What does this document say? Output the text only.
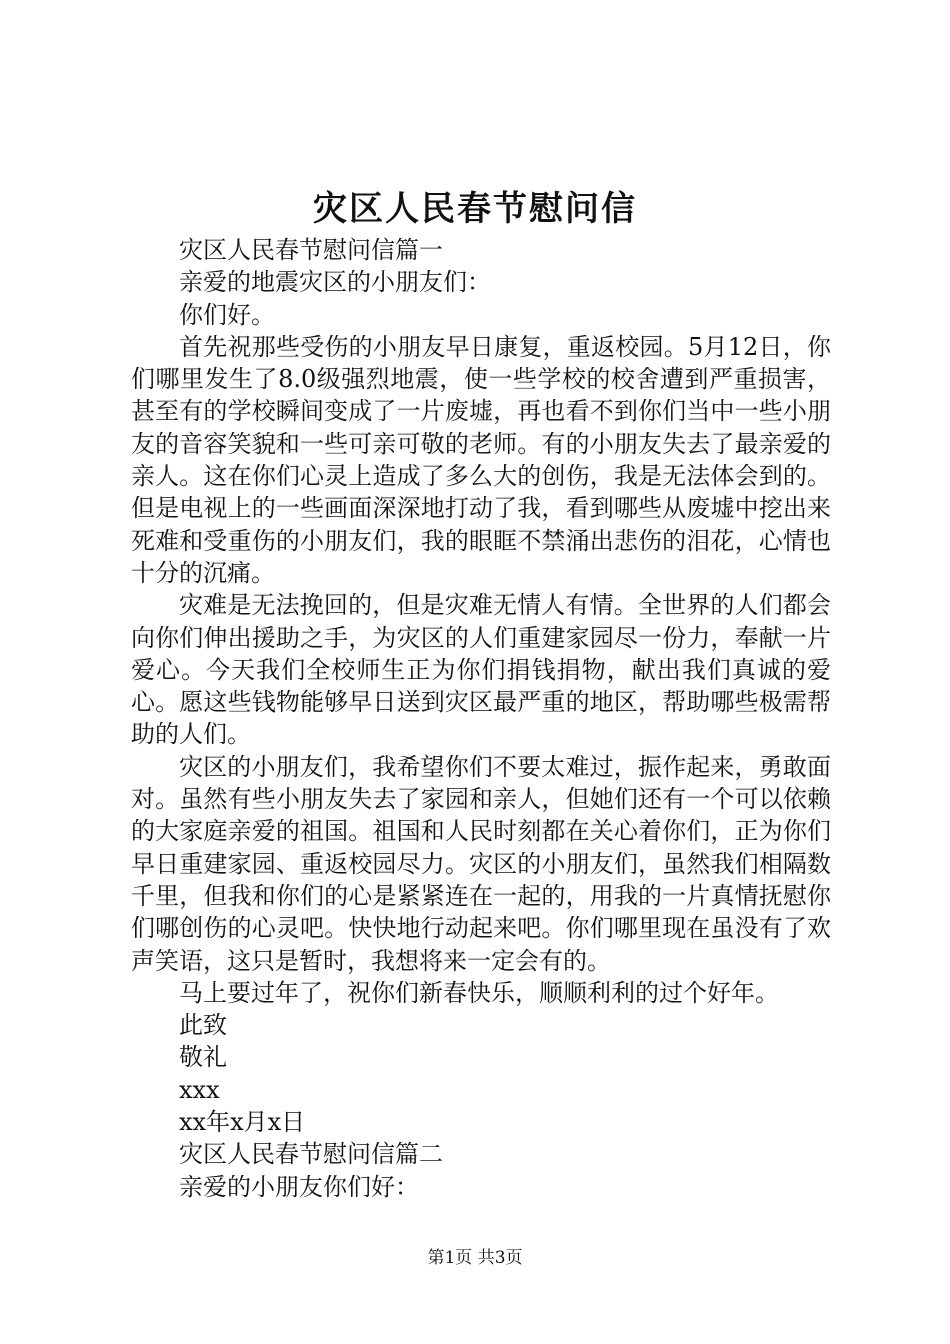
灾区人民春节慰问信

灾区人民春节慰问信篇一

亲爱的地震灾区的小朋友们：

你们好。

首先祝那些受伤的小朋友早日康复，重返校园。5月12日，你们哪里发生了8.0级强烈地震，使一些学校的校舍遭到严重损害，甚至有的学校瞬间变成了一片废墟，再也看不到你们当中一些小朋友的音容笑貌和一些可亲可敬的老师。有的小朋友失去了最亲爱的亲人。这在你们心灵上造成了多么大的创伤，我是无法体会到的。但是电视上的一些画面深深地打动了我，看到哪些从废墟中挖出来死难和受重伤的小朋友们，我的眼眶不禁涌出悲伤的泪花，心情也十分的沉痛。

灾难是无法挽回的，但是灾难无情人有情。全世界的人们都会向你们伸出援助之手，为灾区的人们重建家园尽一份力，奉献一片爱心。今天我们全校师生正为你们捐钱捐物，献出我们真诚的爱心。愿这些钱物能够早日送到灾区最严重的地区，帮助哪些极需帮助的人们。

灾区的小朋友们，我希望你们不要太难过，振作起来，勇敢面对。虽然有些小朋友失去了家园和亲人，但她们还有一个可以依赖的大家庭亲爱的祖国。祖国和人民时刻都在关心着你们，正为你们早日重建家园、重返校园尽力。灾区的小朋友们，虽然我们相隔数千里，但我和你们的心是紧紧连在一起的，用我的一片真情抚慰你们哪创伤的心灵吧。快快地行动起来吧。你们哪里现在虽没有了欢声笑语，这只是暂时，我想将来一定会有的。

马上要过年了，祝你们新春快乐，顺顺利利的过个好年。

此致

敬礼

xxx

xx年x月x日

灾区人民春节慰问信篇二

亲爱的小朋友你们好：

第1页 共3页
